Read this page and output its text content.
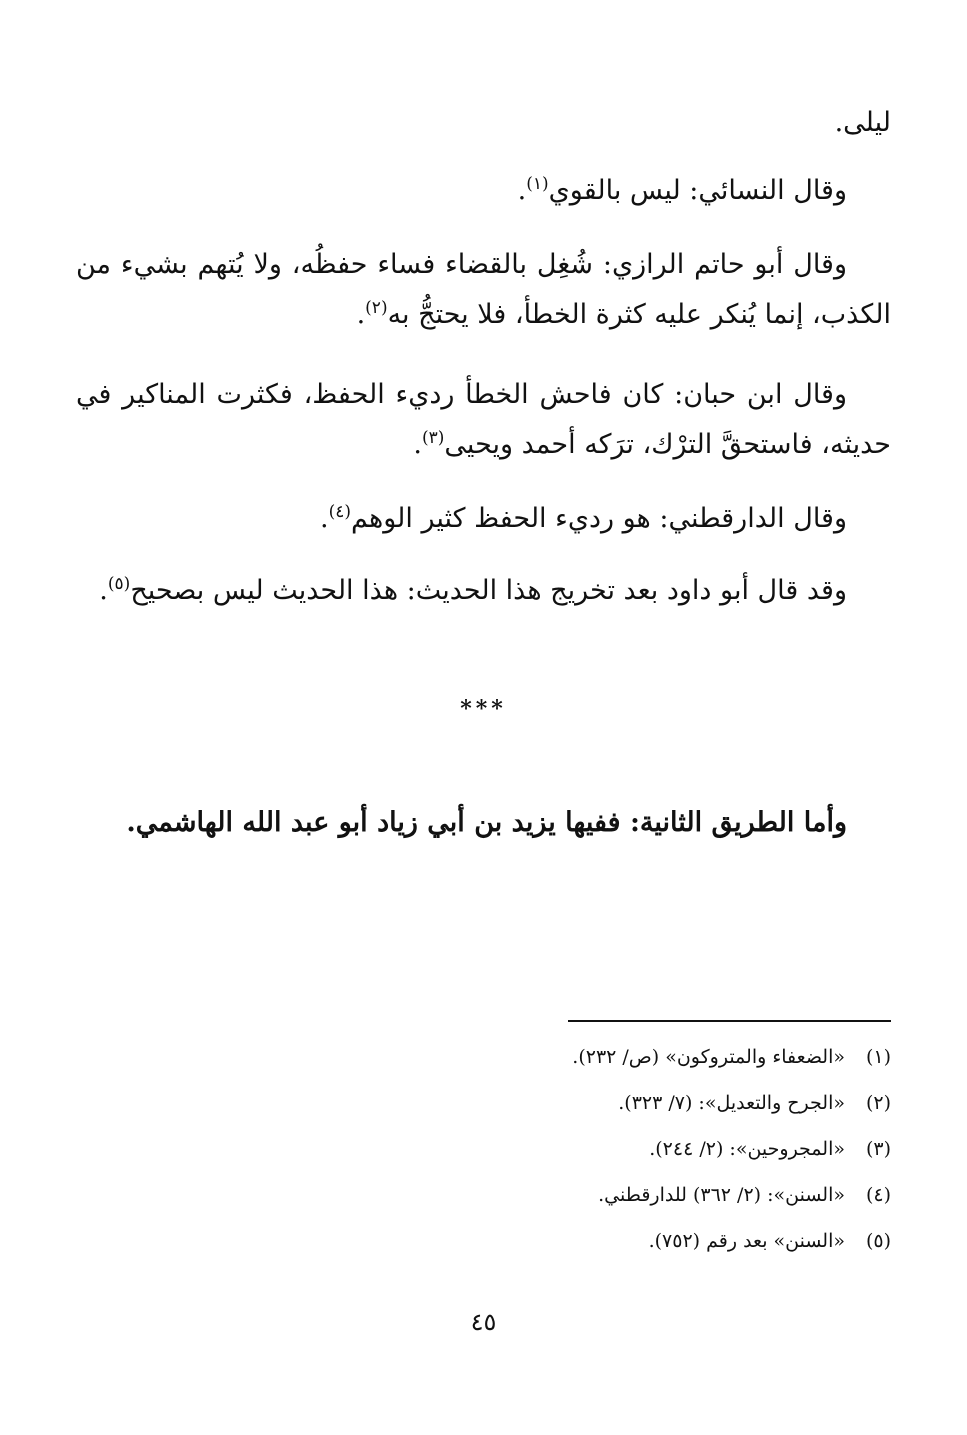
ليلى.

وقال النسائي: ليس بالقوي$^{(١)}$.

وقال أبو حاتم الرازي: شُغِل بالقضاء فساء حفظُه، ولا يُتهم بشيء من الكذب، إنما يُنكر عليه كثرة الخطأ، فلا يحتجُّ به$^{(٢)}$.

وقال ابن حبان: كان فاحش الخطأ رديء الحفظ، فكثرت المناكير في حديثه، فاستحقَّ الترْك، ترَكه أحمد ويحيى$^{(٣)}$.

وقال الدارقطني: هو رديء الحفظ كثير الوهم$^{(٤)}$.

وقد قال أبو داود بعد تخريج هذا الحديث: هذا الحديث ليس بصحيح$^{(٥)}$.

***

وأما الطريق الثانية: ففيها يزيد بن أبي زياد أبو عبد الله الهاشمي.

(١)
«الضعفاء والمتروكون» (ص/ ٢٣٢).
(٢)
«الجرح والتعديل»: (٧/ ٣٢٣).
(٣)
«المجروحين»: (٢/ ٢٤٤).
(٤)
«السنن»: (٢/ ٣٦٢) للدارقطني.
(٥)
«السنن» بعد رقم (٧٥٢).
٤٥
